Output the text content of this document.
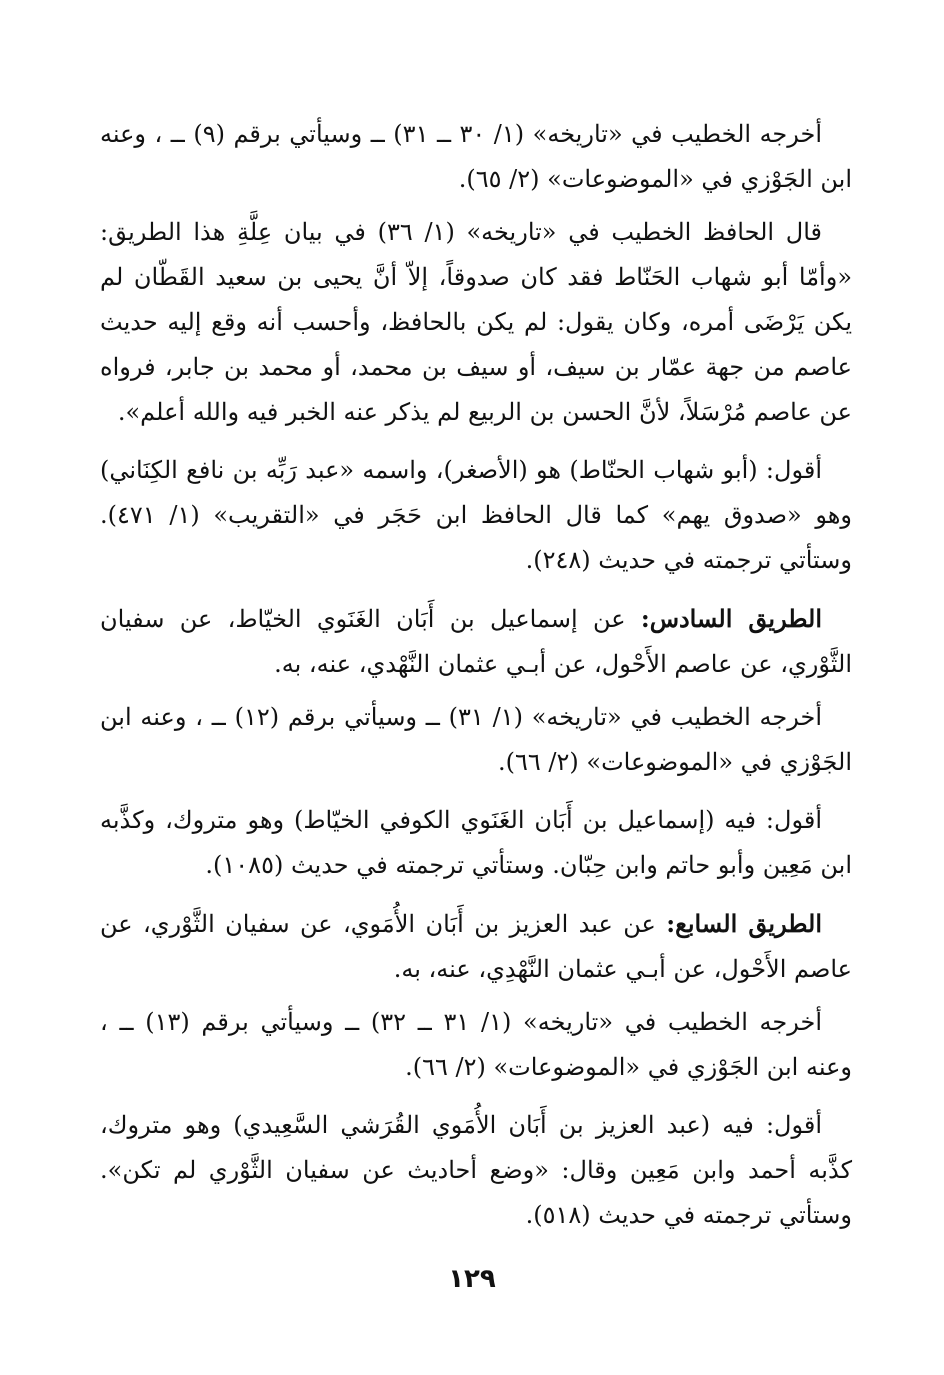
أخرجه الخطيب في «تاريخه» (١/ ٣٠ ــ ٣١) ــ وسيأتي برقم (٩) ــ ، وعنه ابن الجَوْزي في «الموضوعات» (٢/ ٦٥).

قال الحافظ الخطيب في «تاريخه» (١/ ٣٦) في بيان عِلَّةِ هذا الطريق: «وأمّا أبو شهاب الحَنّاط فقد كان صدوقاً، إلاّ أنَّ يحيى بن سعيد القَطّان لم يكن يَرْضَى أمره، وكان يقول: لم يكن بالحافظ، وأحسب أنه وقع إليه حديث عاصم من جهة عمّار بن سيف، أو سيف بن محمد، أو محمد بن جابر، فرواه عن عاصم مُرْسَلاً، لأنَّ الحسن بن الربيع لم يذكر عنه الخبر فيه والله أعلم».

أقول: (أبو شهاب الحنّاط) هو (الأصغر)، واسمه «عبد رَبِّه بن نافع الكِنَاني) وهو «صدوق يهم» كما قال الحافظ ابن حَجَر في «التقريب» (١/ ٤٧١). وستأتي ترجمته في حديث (٢٤٨).

الطريق السادس: عن إسماعيل بن أَبَان الغَنَوي الخيّاط، عن سفيان الثَّوْري، عن عاصم الأَحْول، عن أبـي عثمان النَّهْدي، عنه، به.

أخرجه الخطيب في «تاريخه» (١/ ٣١) ــ وسيأتي برقم (١٢) ــ ، وعنه ابن الجَوْزي في «الموضوعات» (٢/ ٦٦).

أقول: فيه (إسماعيل بن أَبَان الغَنَوي الكوفي الخيّاط) وهو متروك، وكذَّبه ابن مَعِين وأبو حاتم وابن حِبّان. وستأتي ترجمته في حديث (١٠٨٥).

الطريق السابع: عن عبد العزيز بن أَبَان الأُمَوي، عن سفيان الثَّوْري، عن عاصم الأَحْول، عن أبـي عثمان النَّهْدِي، عنه، به.

أخرجه الخطيب في «تاريخه» (١/ ٣١ ــ ٣٢) ــ وسيأتي برقم (١٣) ــ ، وعنه ابن الجَوْزي في «الموضوعات» (٢/ ٦٦).

أقول: فيه (عبد العزيز بن أَبَان الأُمَوي القُرَشي السَّعِيدي) وهو متروك، كذَّبه أحمد وابن مَعِين وقال: «وضع أحاديث عن سفيان الثَّوْري لم تكن». وستأتي ترجمته في حديث (٥١٨).

١٢٩
